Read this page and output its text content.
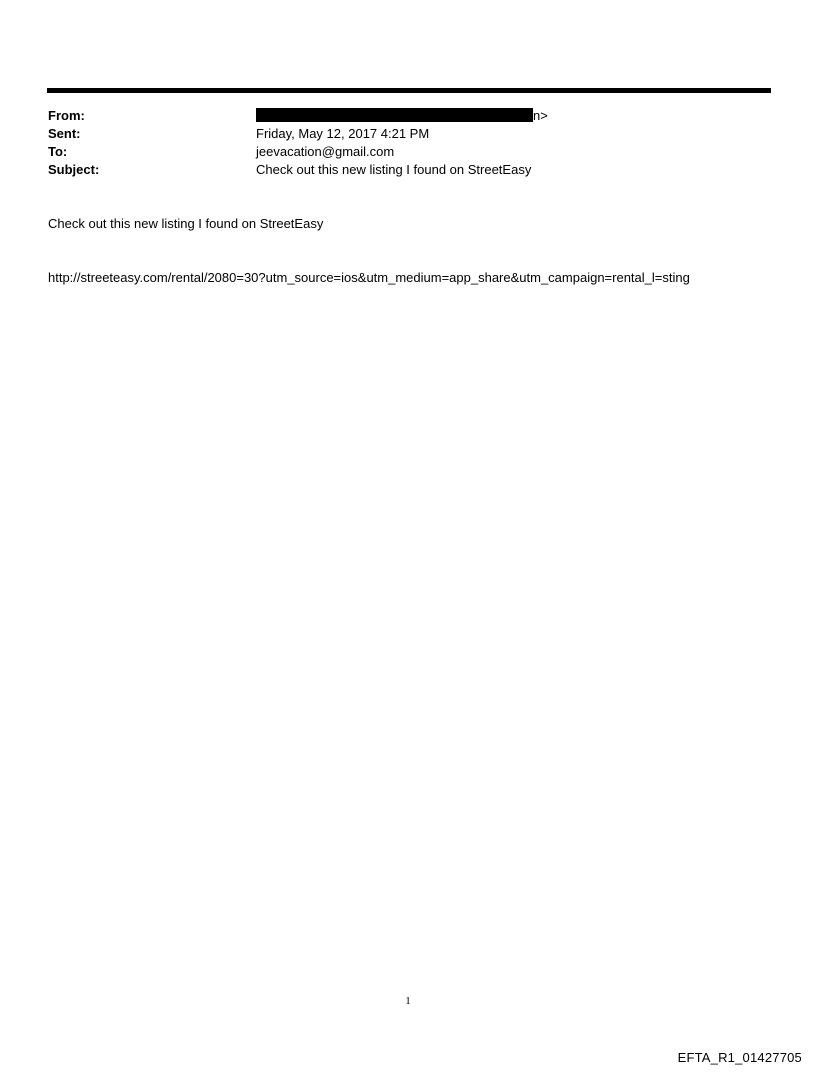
From:	n>
Sent:	Friday, May 12, 2017 4:21 PM
To:	jeevacation@gmail.com
Subject:	Check out this new listing I found on StreetEasy
Check out this new listing I found on StreetEasy
http://streeteasy.com/rental/2080=30?utm_source=ios&utm_medium=app_share&utm_campaign=rental_l=sting
1
EFTA_R1_01427705
